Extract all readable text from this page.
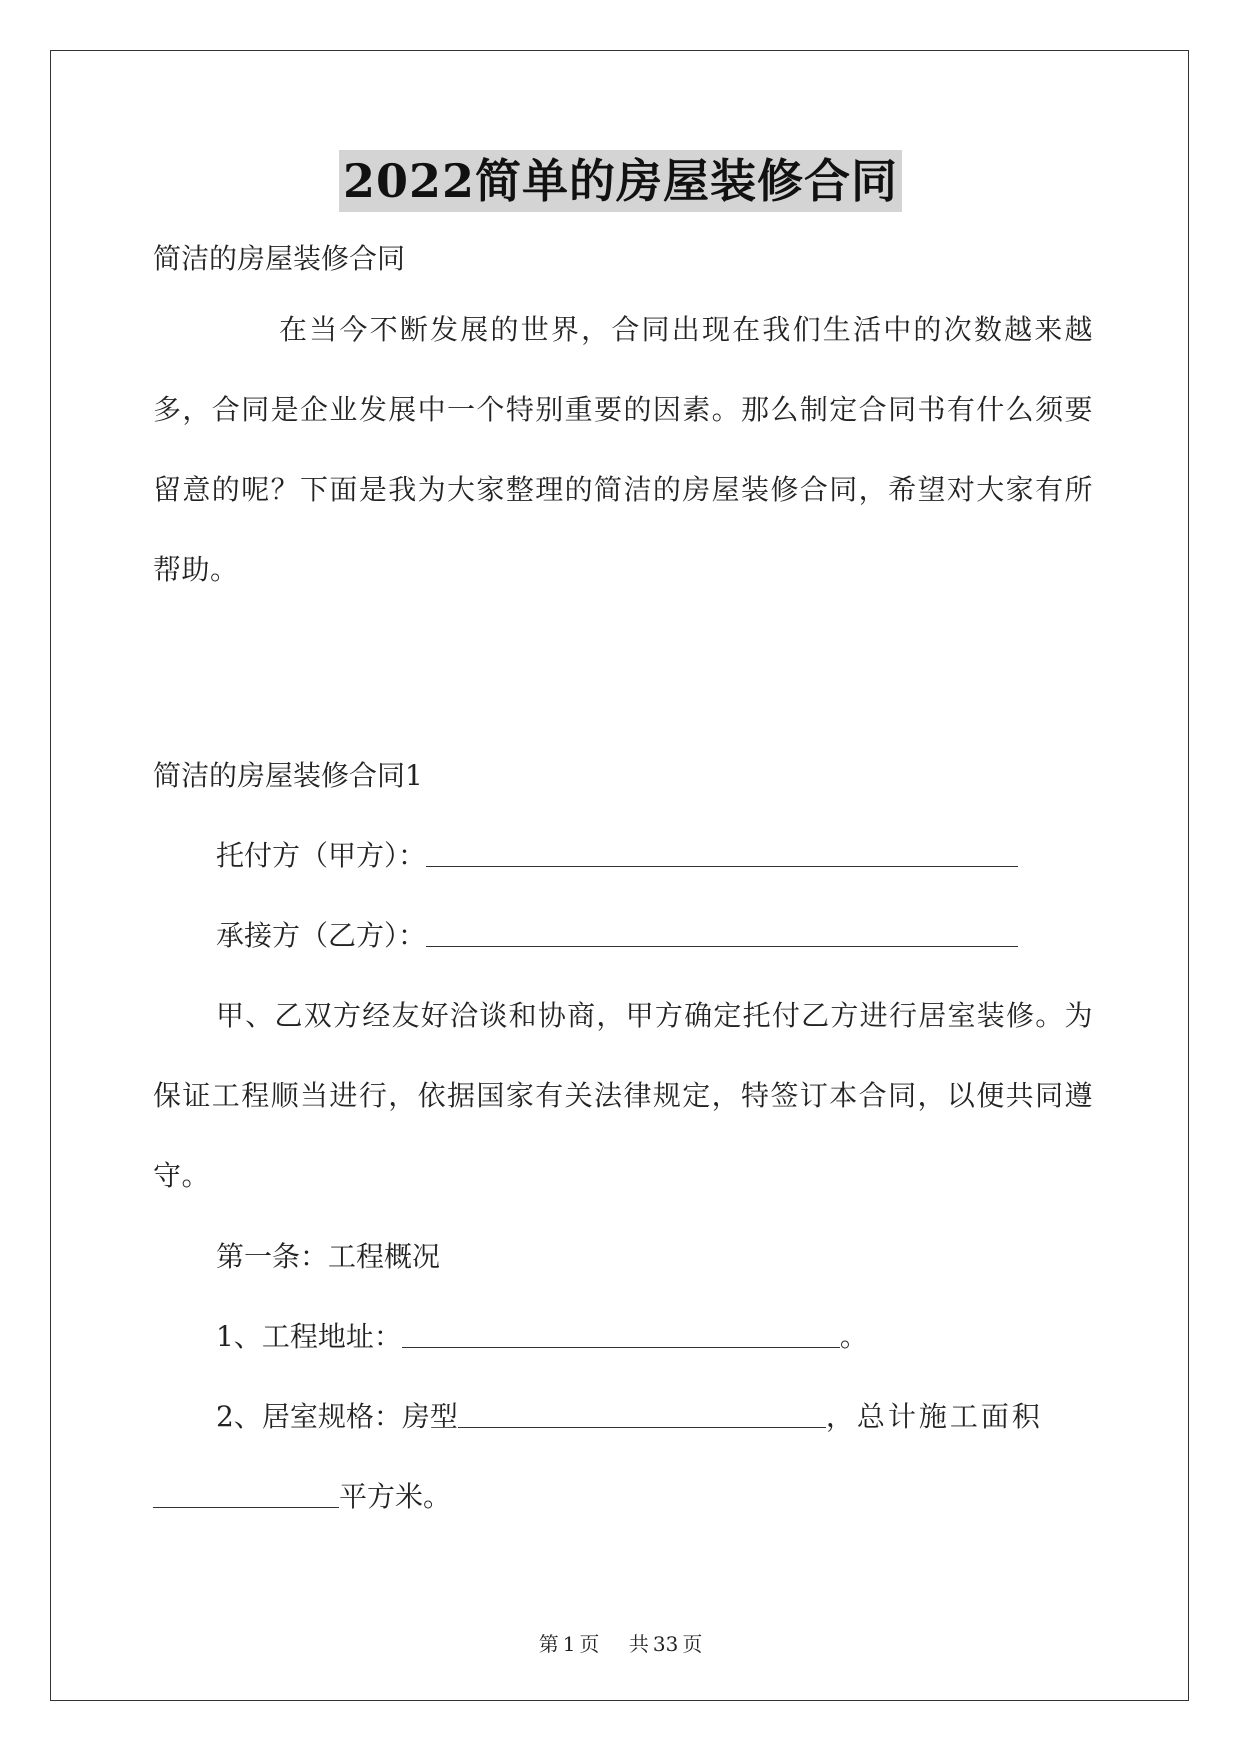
2022简单的房屋装修合同
简洁的房屋装修合同

在当今不断发展的世界，合同出现在我们生活中的次数越来越多，合同是企业发展中一个特别重要的因素。那么制定合同书有什么须要留意的呢？下面是我为大家整理的简洁的房屋装修合同，希望对大家有所帮助。

简洁的房屋装修合同1
托付方（甲方）：
承接方（乙方）：

甲、乙双方经友好洽谈和协商，甲方确定托付乙方进行居室装修。为保证工程顺当进行，依据国家有关法律规定，特签订本合同，以便共同遵守。

第一条：工程概况
1、工程地址：	。
2、居室规格：房型	，总计施工面积
平方米。
第 1 页 共 33 页
